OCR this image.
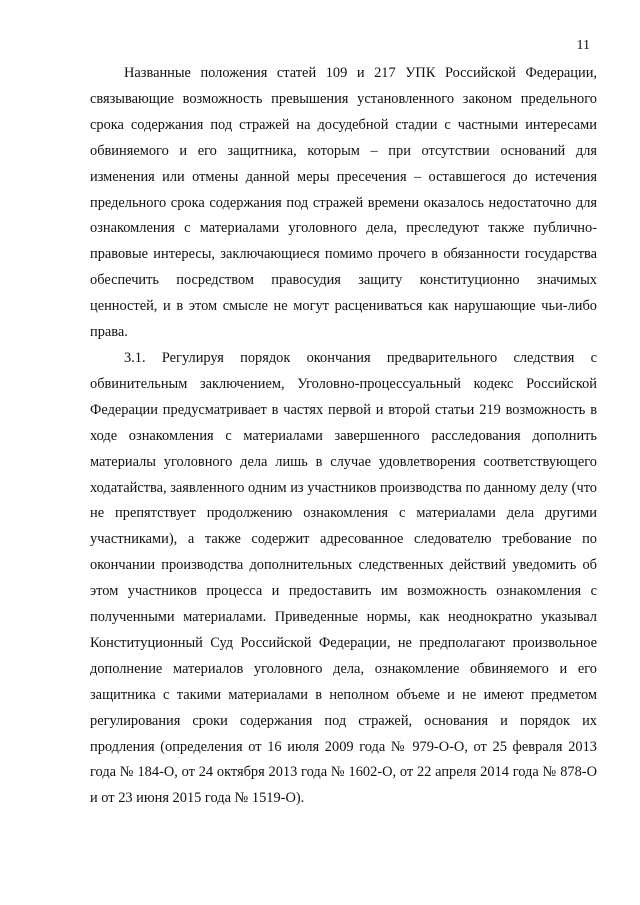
11

Названные положения статей 109 и 217 УПК Российской Федерации, связывающие возможность превышения установленного законом предельного срока содержания под стражей на досудебной стадии с частными интересами обвиняемого и его защитника, которым – при отсутствии оснований для изменения или отмены данной меры пресечения – оставшегося до истечения предельного срока содержания под стражей времени оказалось недостаточно для ознакомления с материалами уголовного дела, преследуют также публично-правовые интересы, заключающиеся помимо прочего в обязанности государства обеспечить посредством правосудия защиту конституционно значимых ценностей, и в этом смысле не могут расцениваться как нарушающие чьи-либо права.

3.1. Регулируя порядок окончания предварительного следствия с обвинительным заключением, Уголовно-процессуальный кодекс Российской Федерации предусматривает в частях первой и второй статьи 219 возможность в ходе ознакомления с материалами завершенного расследования дополнить материалы уголовного дела лишь в случае удовлетворения соответствующего ходатайства, заявленного одним из участников производства по данному делу (что не препятствует продолжению ознакомления с материалами дела другими участниками), а также содержит адресованное следователю требование по окончании производства дополнительных следственных действий уведомить об этом участников процесса и предоставить им возможность ознакомления с полученными материалами. Приведенные нормы, как неоднократно указывал Конституционный Суд Российской Федерации, не предполагают произвольное дополнение материалов уголовного дела, ознакомление обвиняемого и его защитника с такими материалами в неполном объеме и не имеют предметом регулирования сроки содержания под стражей, основания и порядок их продления (определения от 16 июля 2009 года № 979-О-О, от 25 февраля 2013 года № 184-О, от 24 октября 2013 года № 1602-О, от 22 апреля 2014 года № 878-О и от 23 июня 2015 года № 1519-О).
